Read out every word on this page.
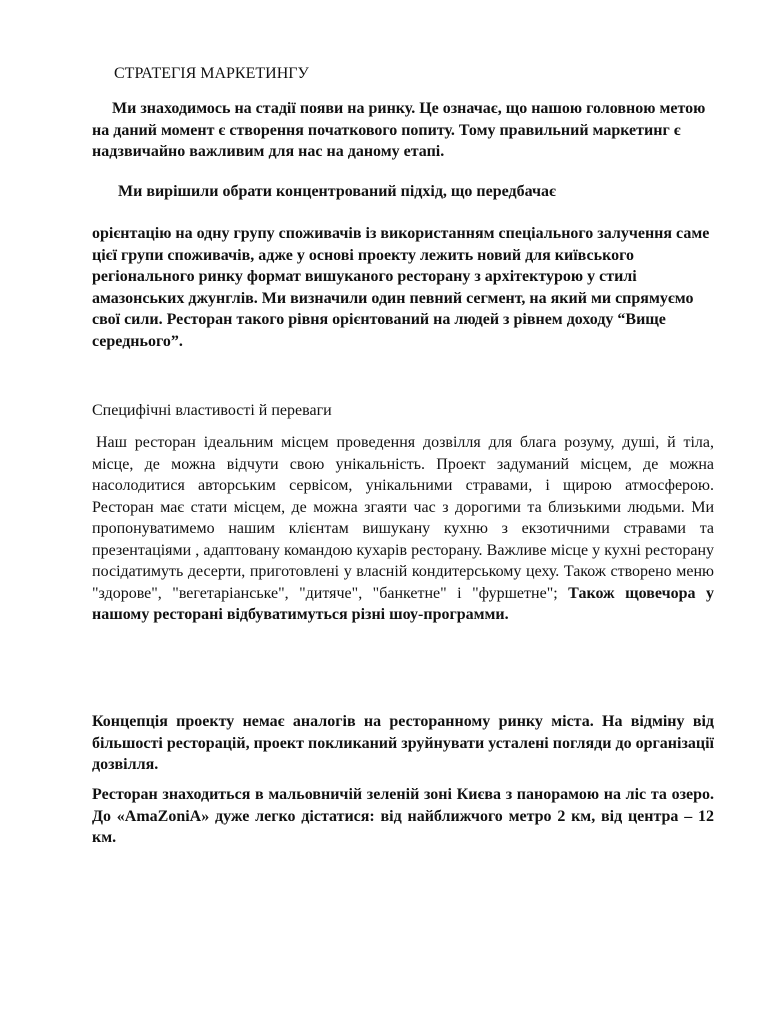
СТРАТЕГІЯ МАРКЕТИНГУ

Ми знаходимось на стадії появи на ринку. Це означає, що нашою головною метою на даний момент є створення початкового попиту. Тому правильний маркетинг є надзвичайно важливим для нас на даному етапі.

Ми вирішили обрати концентрований підхід, що передбачає

орієнтацію на одну групу споживачів із використанням спеціального залучення саме цієї групи споживачів, адже у основі проекту лежить новий для київського регіонального ринку формат вишуканого ресторану з архітектурою у стилі амазонських джунглів. Ми визначили один певний сегмент, на який ми спрямуємо свої сили. Ресторан такого рівня орієнтований на людей з рівнем доходу “Вище середнього”.

Специфічні властивості й переваги

Наш ресторан ідеальним місцем проведення дозвілля для блага розуму, душі, й тіла, місце, де можна відчути свою унікальність. Проект задуманий місцем, де можна насолодитися авторським сервісом, унікальними стравами, і щирою атмосферою. Ресторан має стати місцем, де можна згаяти час з дорогими та близькими людьми. Ми пропонуватимемо нашим клієнтам вишукану кухню з екзотичними стравами та презентаціями , адаптовану командою кухарів ресторану. Важливе місце у кухні ресторану посідатимуть десерти, приготовлені у власній кондитерському цеху. Також створено меню "здорове", "вегетаріанське", "дитяче", "банкетне" і "фуршетне"; Також щовечора у нашому ресторані відбуватимуться різні шоу-программи.

Концепція проекту немає аналогів на ресторанному ринку міста. На відміну від більшості ресторацій, проект покликаний зруйнувати усталені погляди до організації дозвілля.

Ресторан знаходиться в мальовничій зеленій зоні Києва з панорамою на ліс та озеро. До «AmaZoniA» дуже легко дістатися: від найближчого метро 2 км, від центра – 12 км.
